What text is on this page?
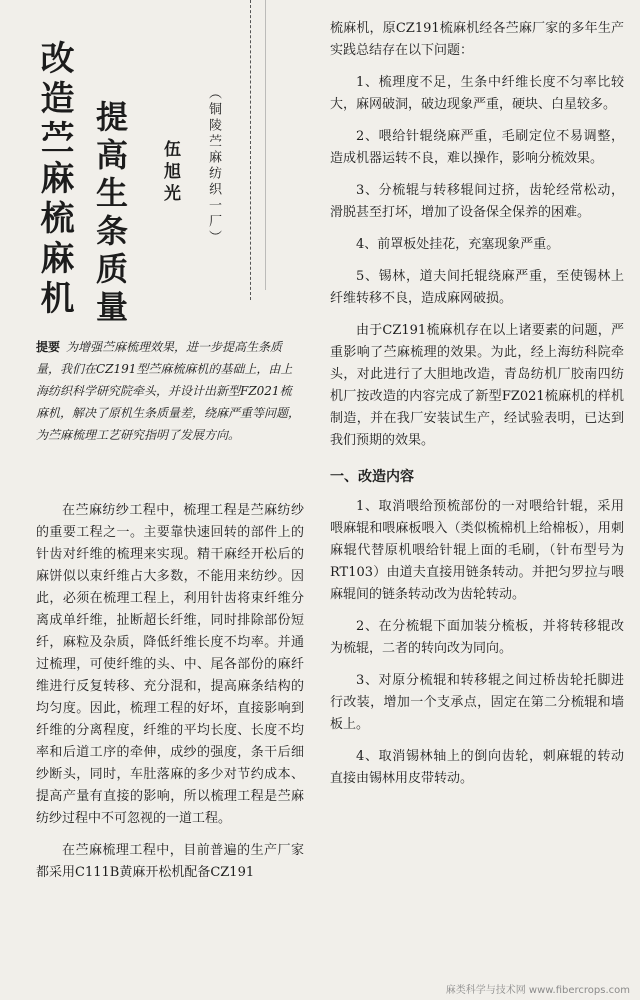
改造苎麻梳麻机 提高生条质量 伍旭光 （铜陵苎麻纺织一厂）
提要 为增强苎麻梳理效果，进一步提高生条质量，我们在CZ191型苎麻梳麻机的基础上，由上海纺织科学研究院牵头，并设计出新型FZ021梳麻机，解决了原机生条质量差，绕麻严重等问题，为苎麻梳理工艺研究指明了发展方向。

在苎麻纺纱工程中，梳理工程是苎麻纺纱的重要工程之一。主要靠快速回转的部件上的针齿对纤维的梳理来实现。精干麻经开松后的麻饼似以束纤维占大多数，不能用来纺纱。因此，必须在梳理工程上，利用针齿将束纤维分离成单纤维，扯断超长纤维，同时排除部份短纤，麻粒及杂质，降低纤维长度不均率。并通过梳理，可使纤维的头、中、尾各部份的麻纤维进行反复转移、充分混和，提高麻条结构的均匀度。因此，梳理工程的好坏，直接影响到纤维的分离程度，纤维的平均长度、长度不均率和后道工序的牵伸，成纱的强度，条干后细纱断头，同时，车肚落麻的多少对节约成本、提高产量有直接的影响，所以梳理工程是苎麻纺纱过程中不可忽视的一道工程。

在苎麻梳理工程中，目前普遍的生产厂家都采用C111B黄麻开松机配备CZ191

梳麻机，原CZ191梳麻机经各苎麻厂家的多年生产实践总结存在以下问题：

1、梳理度不足，生条中纤维长度不匀率比较大，麻网破洞，破边现象严重，硬块、白星较多。

2、喂给针辊绕麻严重，毛刷定位不易调整，造成机器运转不良，难以操作，影响分梳效果。

3、分梳辊与转移辊间过挤，齿轮经常松动，滑脱甚至打坏，增加了设备保全保养的困难。

4、前罩板处挂花，充塞现象严重。

5、锡林，道夫间托辊绕麻严重，至使锡林上纤维转移不良，造成麻网破损。

由于CZ191梳麻机存在以上诸要素的问题，严重影响了苎麻梳理的效果。为此，经上海纺科院牵头，对此进行了大胆地改造，青岛纺机厂胶南四纺机厂按改造的内容完成了新型FZ021梳麻机的样机制造，并在我厂安装试生产，经试验表明，已达到我们预期的效果。

一、改造内容

1、取消喂给预梳部份的一对喂给针辊，采用喂麻辊和喂麻板喂入（类似梳棉机上给棉板），用刺麻辊代替原机喂给针辊上面的毛刷，（针布型号为RT103）由道夫直接用链条转动。并把匀罗拉与喂麻辊间的链条转动改为齿轮转动。

2、在分梳辊下面加装分梳板，并将转移辊改为梳辊，二者的转向改为同向。

3、对原分梳辊和转移辊之间过桥齿轮托脚进行改装，增加一个支承点，固定在第二分梳辊和墙板上。

4、取消锡林轴上的倒向齿轮，刺麻辊的转动直接由锡林用皮带转动。

麻类科学与技术网 www.fibercrops.com
